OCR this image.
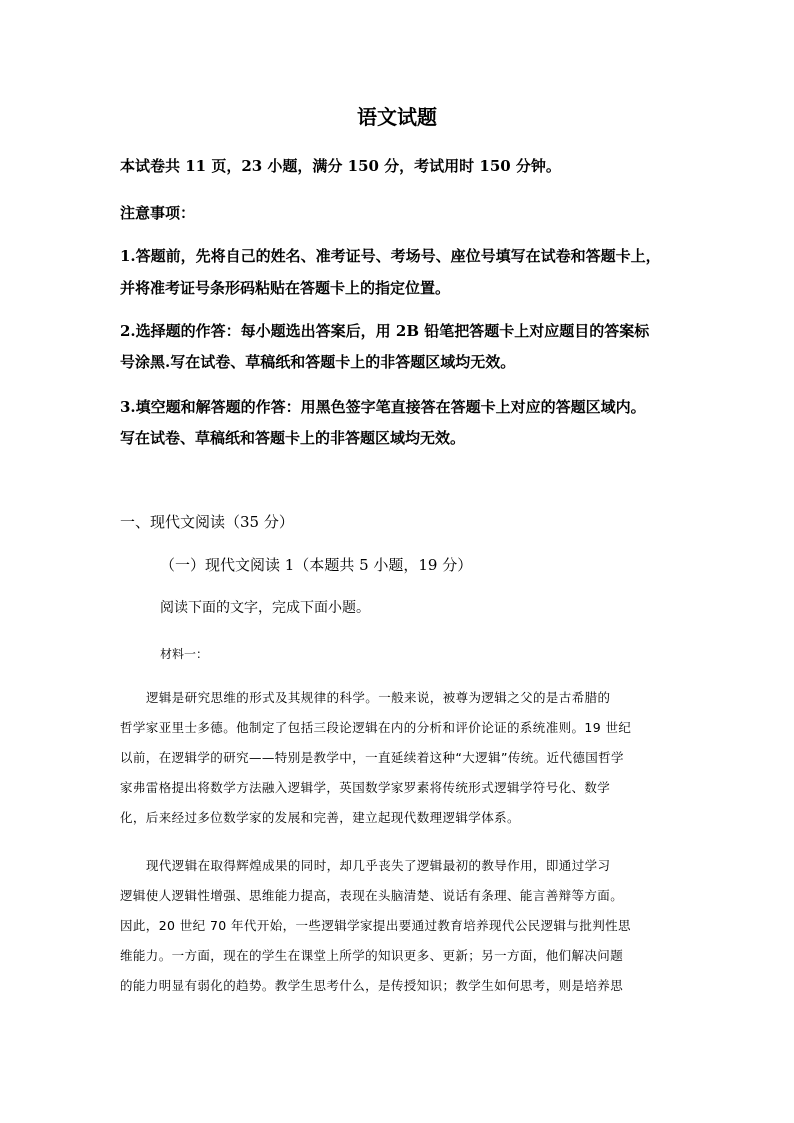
语文试题

本试卷共 11 页，23 小题，满分 150 分，考试用时 150 分钟。

注意事项：

1.答题前，先将自己的姓名、准考证号、考场号、座位号填写在试卷和答题卡上，

并将准考证号条形码粘贴在答题卡上的指定位置。

2.选择题的作答：每小题选出答案后，用 2B 铅笔把答题卡上对应题目的答案标

号涂黑.写在试卷、草稿纸和答题卡上的非答题区域均无效。

3.填空题和解答题的作答：用黑色签字笔直接答在答题卡上对应的答题区域内。

写在试卷、草稿纸和答题卡上的非答题区域均无效。

一、现代文阅读（35 分）

（一）现代文阅读 1（本题共 5 小题，19 分）

阅读下面的文字，完成下面小题。

材料一：

逻辑是研究思维的形式及其规律的科学。一般来说，被尊为逻辑之父的是古希腊的

哲学家亚里士多德。他制定了包括三段论逻辑在内的分析和评价论证的系统准则。19 世纪

以前，在逻辑学的研究——特别是教学中，一直延续着这种“大逻辑”传统。近代德国哲学

家弗雷格提出将数学方法融入逻辑学，英国数学家罗素将传统形式逻辑学符号化、数学

化，后来经过多位数学家的发展和完善，建立起现代数理逻辑学体系。

现代逻辑在取得辉煌成果的同时，却几乎丧失了逻辑最初的教导作用，即通过学习

逻辑使人逻辑性增强、思维能力提高，表现在头脑清楚、说话有条理、能言善辩等方面。

因此，20 世纪 70 年代开始，一些逻辑学家提出要通过教育培养现代公民逻辑与批判性思

维能力。一方面，现在的学生在课堂上所学的知识更多、更新；另一方面，他们解决问题

的能力明显有弱化的趋势。教学生思考什么，是传授知识；教学生如何思考，则是培养思
